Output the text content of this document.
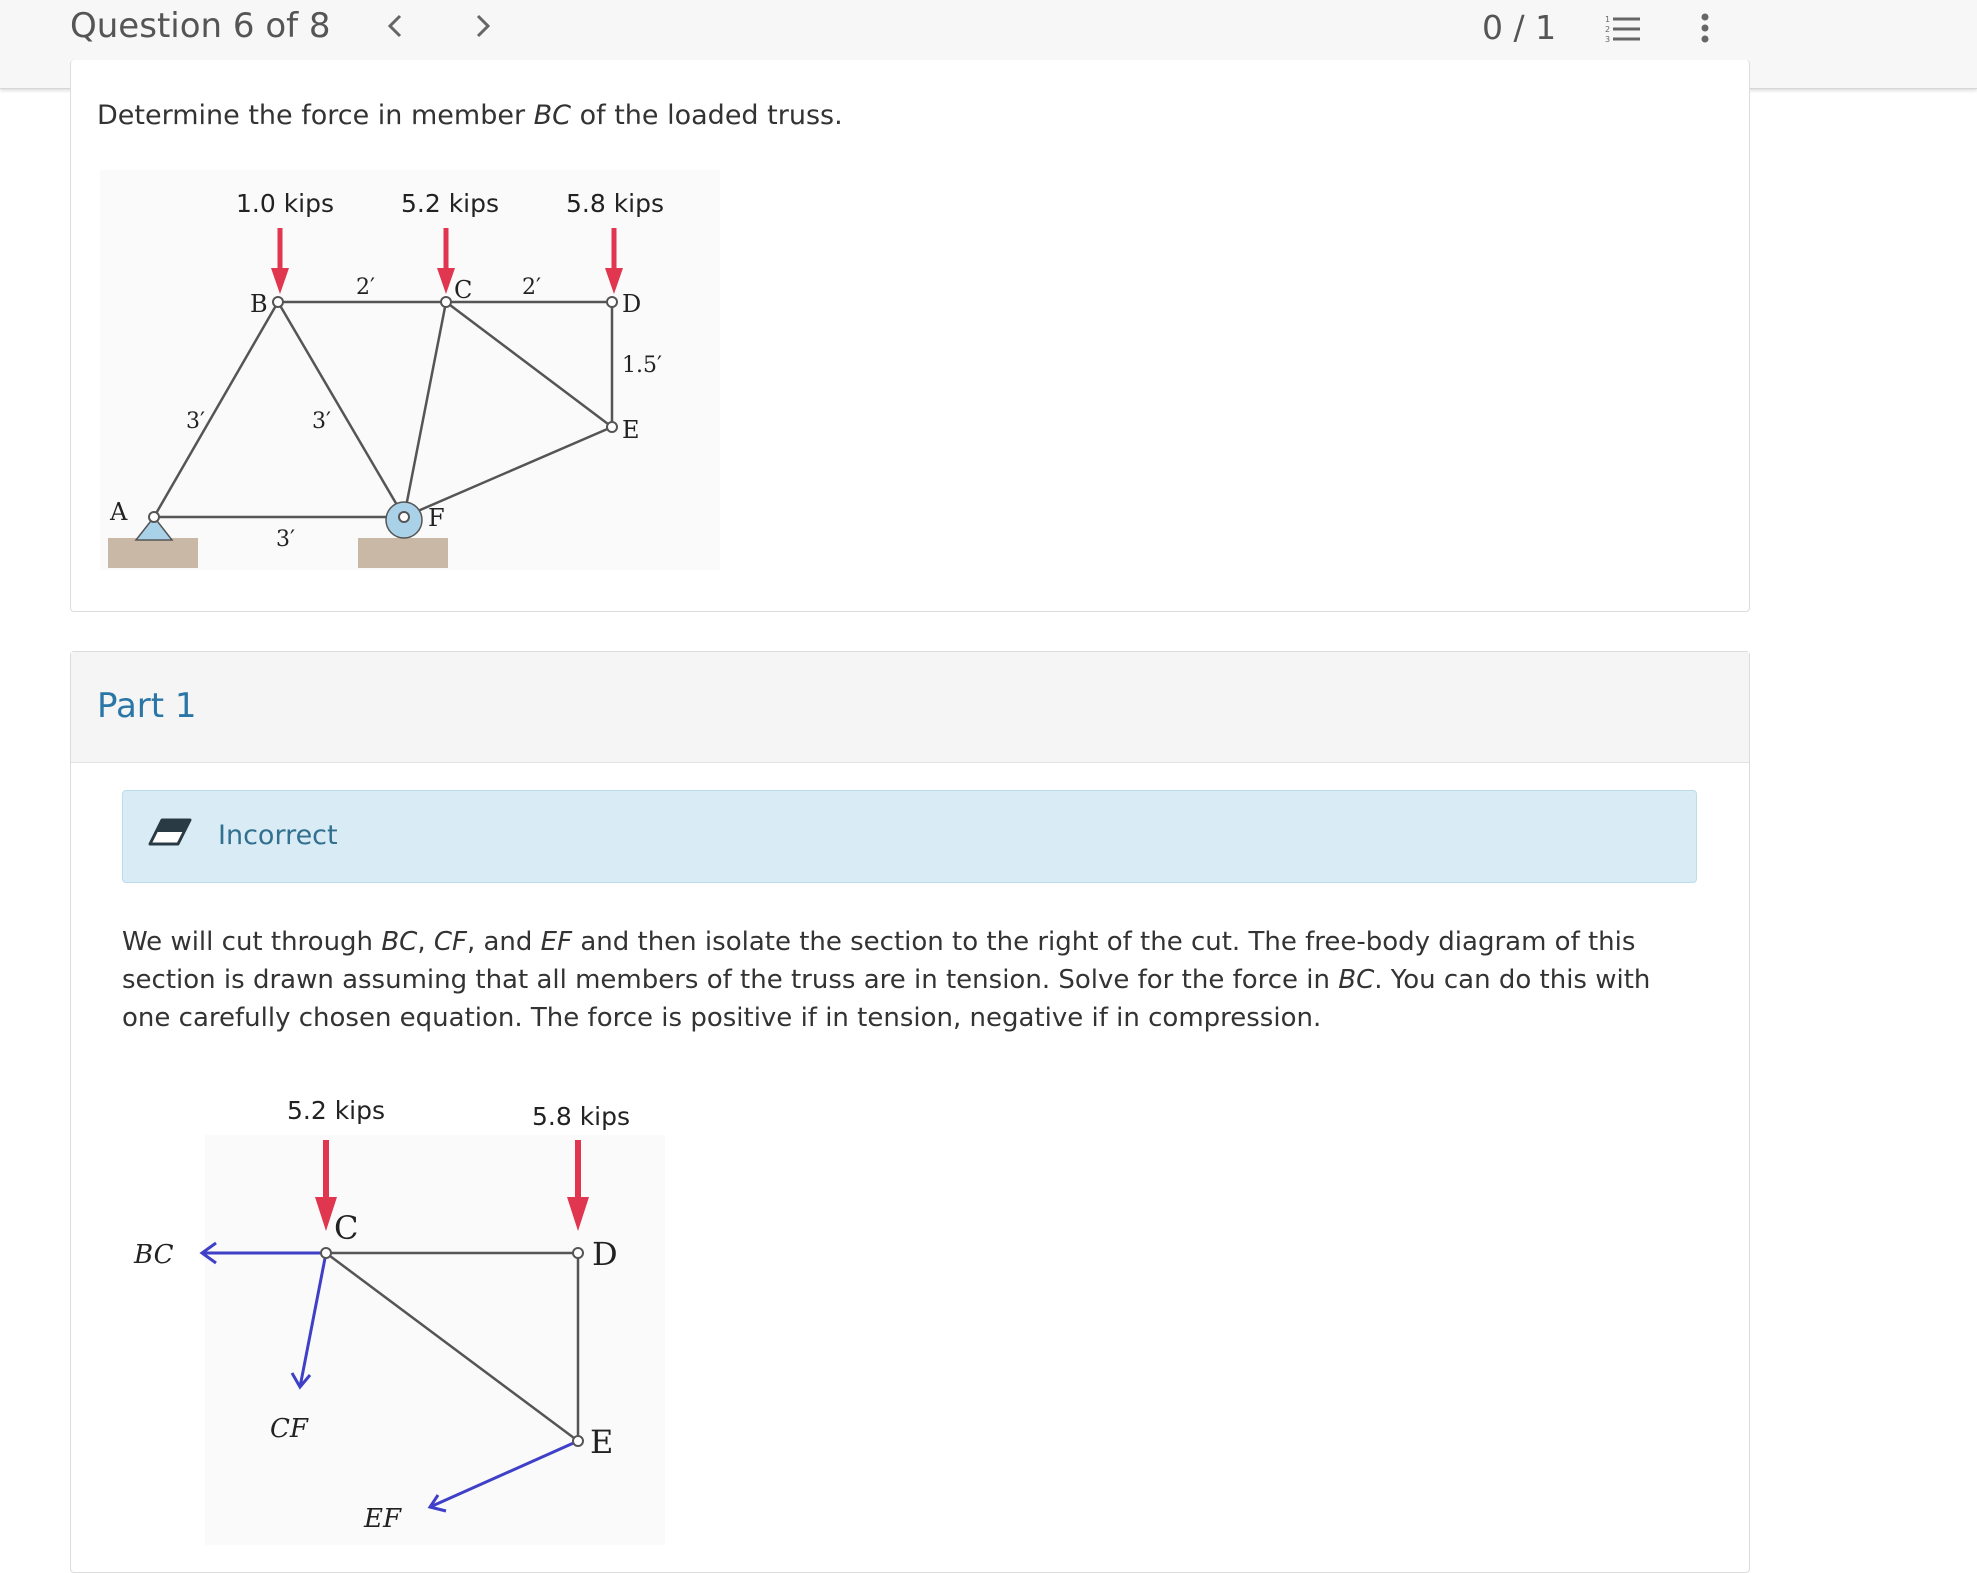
Question 6 of 8	0 / 1	1
2
3
Determine the force in member BC of the loaded truss.
1.0 kips	5.2 kips	5.8 kips
A
B	C	D
E
F
2′	2′
1.5′
3′	3′
3′
Part 1
Incorrect
We will cut through BC, CF, and EF and then isolate the section to the right of the cut. The free-body diagram of this section is drawn assuming that all members of the truss are in tension. Solve for the force in BC. You can do this with one carefully chosen equation. The force is positive if in tension, negative if in compression.
5.2 kips	5.8 kips
C
D
E
BC
CF
EF
